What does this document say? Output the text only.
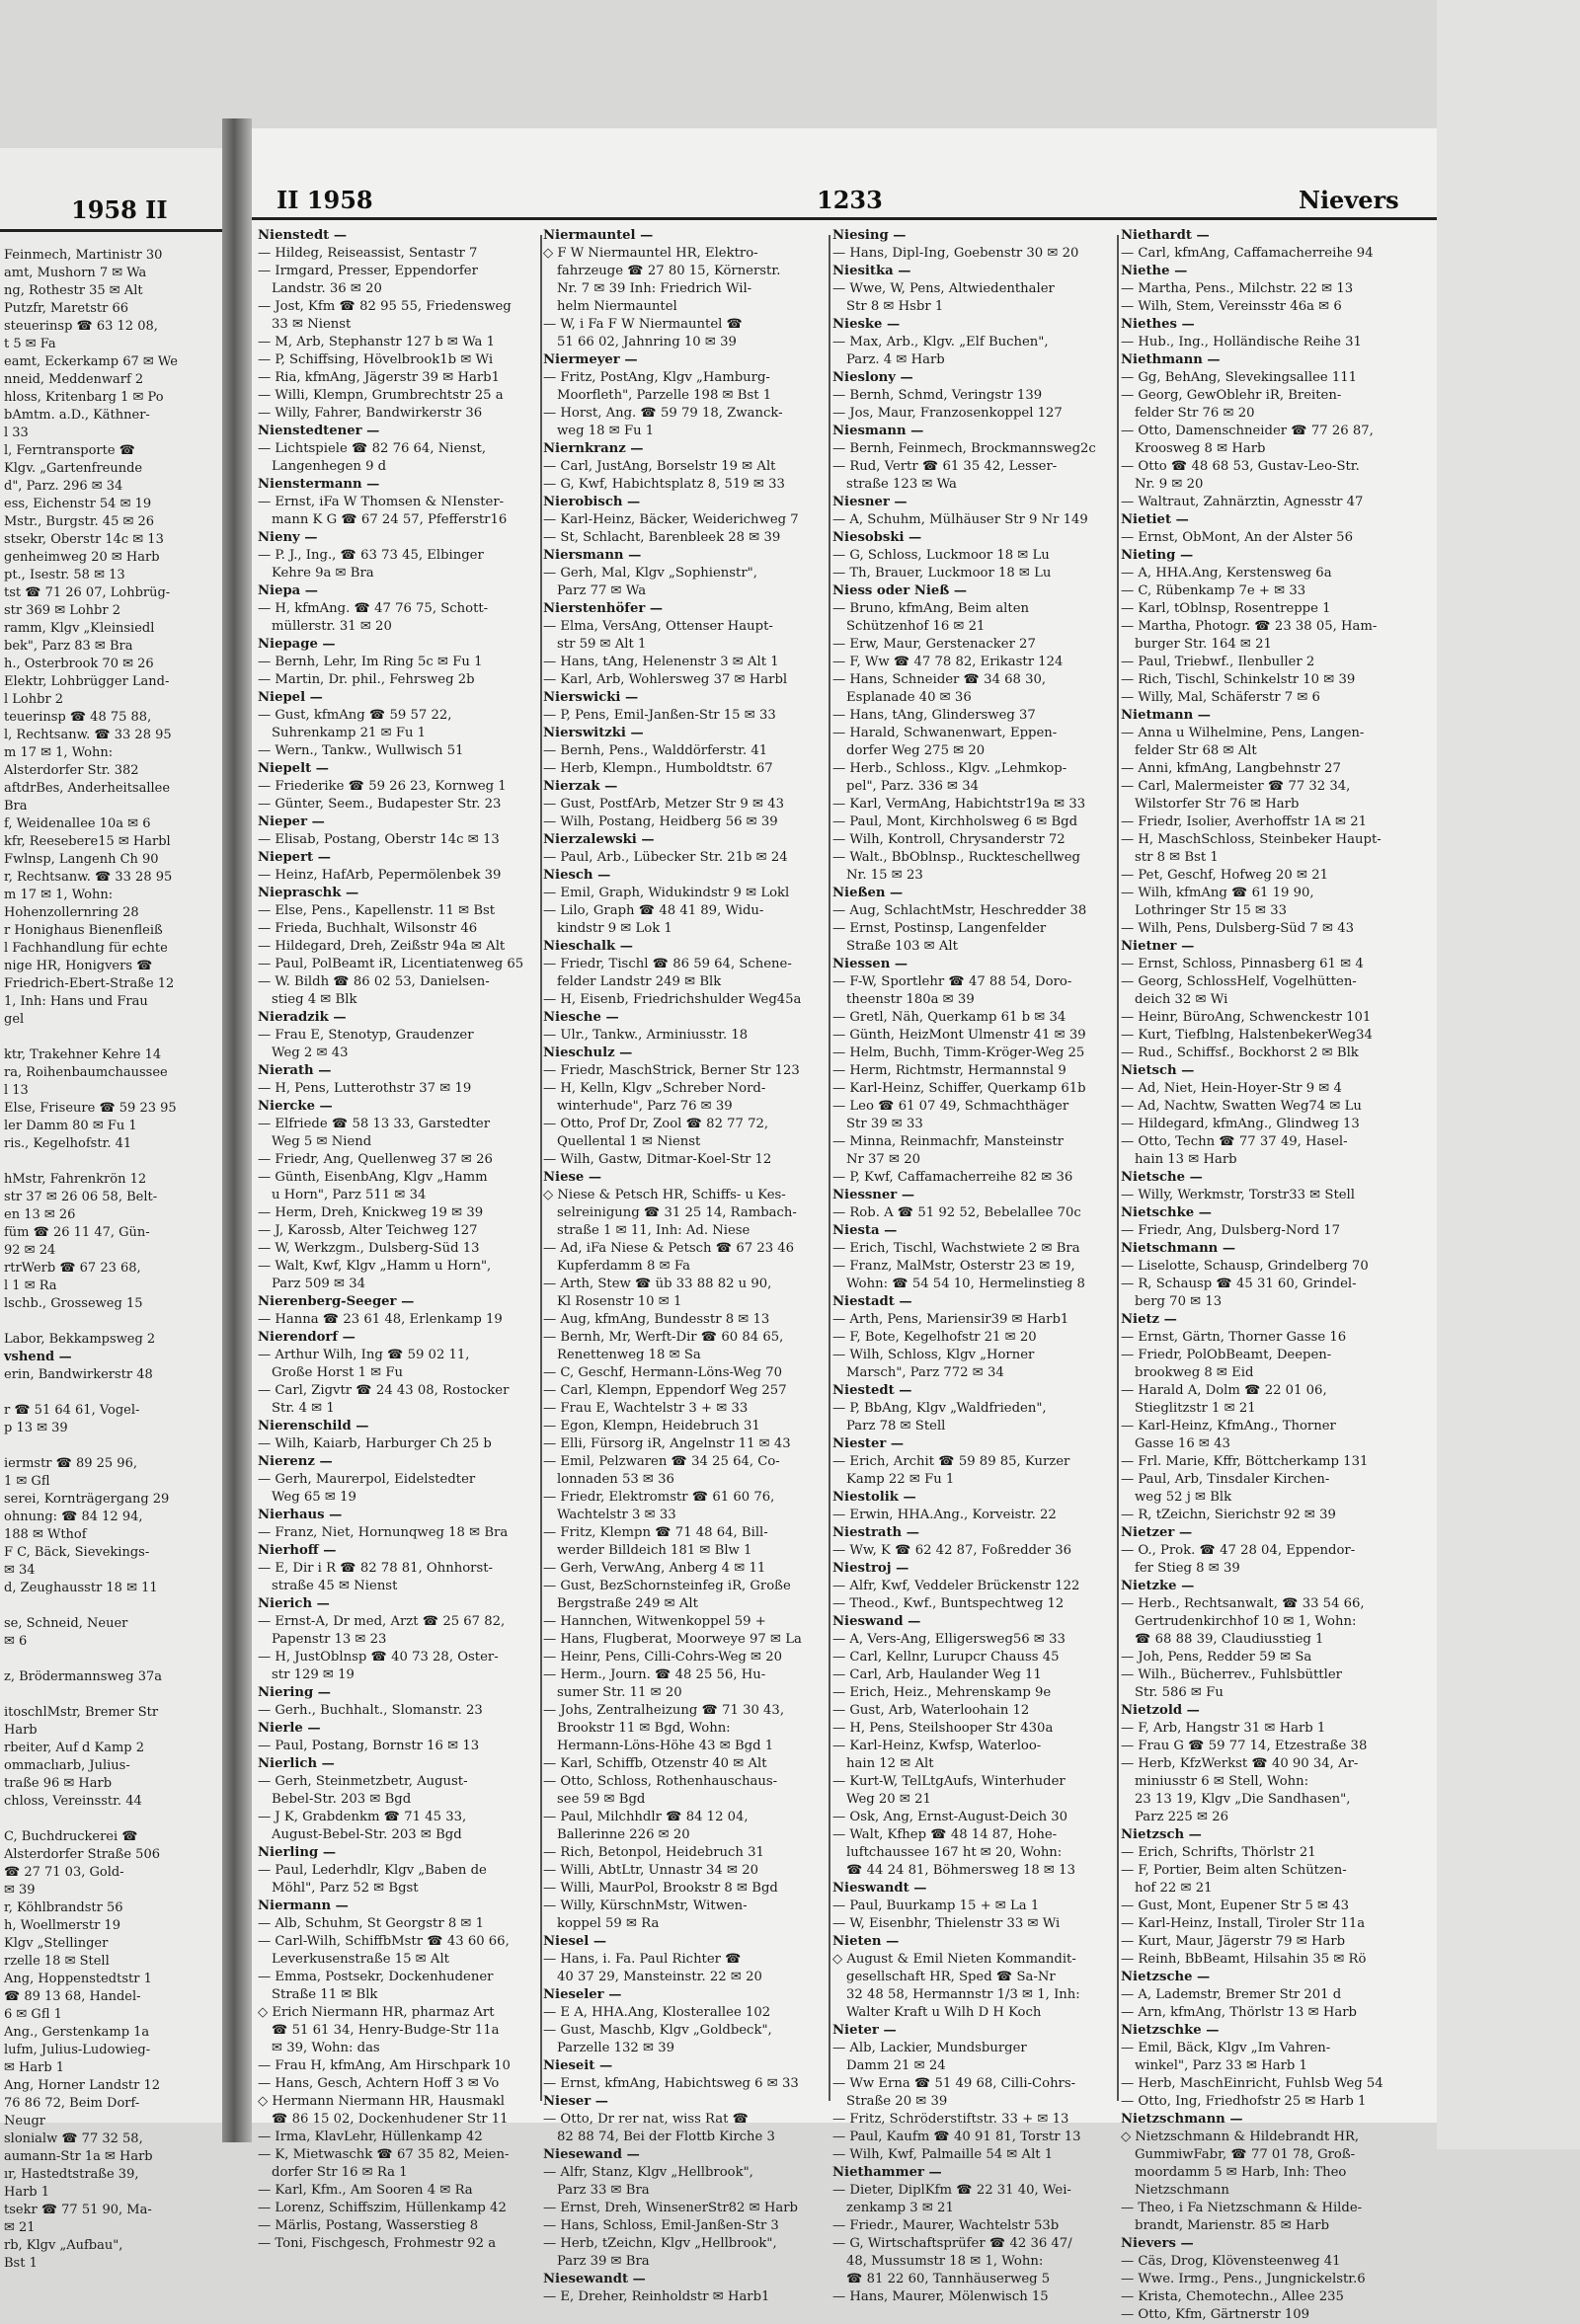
1958 II
Feinmech, Martinistr 30
amt, Mushorn 7 ✉ Wa
ng, Rothestr 35 ✉ Alt
Putzfr, Maretstr 66
steuerinsp ☎ 63 12 08,
t 5 ✉ Fa
eamt, Eckerkamp 67 ✉ We
nneid, Meddenwarf 2
hloss, Kritenbarg 1 ✉ Po
bAmtm. a.D., Käthner-
l 33
l, Ferntransporte ☎
Klgv. „Gartenfreunde
d", Parz. 296 ✉ 34
ess, Eichenstr 54 ✉ 19
Mstr., Burgstr. 45 ✉ 26
stsekr, Oberstr 14c ✉ 13
genheimweg 20 ✉ Harb
pt., Isestr. 58 ✉ 13
tst ☎ 71 26 07, Lohbrüg-
str 369 ✉ Lohbr 2
ramm, Klgv „Kleinsiedl
bek", Parz 83 ✉ Bra
h., Osterbrook 70 ✉ 26
Elektr, Lohbrügger Land-
l Lohbr 2
teuerinsp ☎ 48 75 88,
l, Rechtsanw. ☎ 33 28 95
m 17 ✉ 1, Wohn:
Alsterdorfer Str. 382
aftdrBes, Anderheitsallee
Bra
f, Weidenallee 10a ✉ 6
kfr, Reesebere15 ✉ Harbl
Fwlnsp, Langenh Ch 90
r, Rechtsanw. ☎ 33 28 95
m 17 ✉ 1, Wohn:
Hohenzollernring 28
r Honighaus Bienenfleiß
l Fachhandlung für echte
nige HR, Honigvers ☎
Friedrich-Ebert-Straße 12
1, Inh: Hans und Frau
gel

ktr, Trakehner Kehre 14
ra, Roihenbaumchaussee
l 13
Else, Friseure ☎ 59 23 95
ler Damm 80 ✉ Fu 1
ris., Kegelhofstr. 41

hMstr, Fahrenkrön 12
str 37 ✉ 26 06 58, Belt-
en 13 ✉ 26
füm ☎ 26 11 47, Gün-
92 ✉ 24
rtrWerb ☎ 67 23 68,
l 1 ✉ Ra
lschb., Grosseweg 15

Labor, Bekkampsweg 2
vshend —
erin, Bandwirkerstr 48

r ☎ 51 64 61, Vogel-
p 13 ✉ 39

iermstr ☎ 89 25 96,
1 ✉ Gfl
serei, Kornträgergang 29
ohnung: ☎ 84 12 94,
188 ✉ Wthof
F C, Bäck, Sievekings-
✉ 34
d, Zeughausstr 18 ✉ 11

se, Schneid, Neuer
✉ 6

z, Brödermannsweg 37a

itoschlMstr, Bremer Str
Harb
rbeiter, Auf d Kamp 2
ommaclıarb, Julius-
traße 96 ✉ Harb
chloss, Vereinsstr. 44

C, Buchdruckerei ☎
Alsterdorfer Straße 506
☎ 27 71 03, Gold-
✉ 39
r, Köhlbrandstr 56
h, Woellmerstr 19
Klgv „Stellinger
rzelle 18 ✉ Stell
Ang, Hoppenstedtstr 1
☎ 89 13 68, Handel-
6 ✉ Gfl 1
Ang., Gerstenkamp 1a
lufm, Julius-Ludowieg-
✉ Harb 1
Ang, Horner Landstr 12
76 86 72, Beim Dorf-
Neugr
slonialw ☎ 77 32 58,
aumann-Str 1a ✉ Harb
ır, Hastedtstraße 39,
Harb 1
tsekr ☎ 77 51 90, Ma-
✉ 21
rb, Klgv „Aufbau",
Bst 1
II 1958	1233	Nievers
Nienstedt —
— Hildeg, Reiseassist, Sentastr 7
— Irmgard, Presser, Eppendorfer
Landstr. 36 ✉ 20
— Jost, Kfm ☎ 82 95 55, Friedensweg
33 ✉ Nienst
— M, Arb, Stephanstr 127 b ✉ Wa 1
— P, Schiffsing, Hövelbrook1b ✉ Wi
— Ria, kfmAng, Jägerstr 39 ✉ Harb1
— Willi, Klempn, Grumbrechtstr 25 a
— Willy, Fahrer, Bandwirkerstr 36
Nienstedtener —
— Lichtspiele ☎ 82 76 64, Nienst,
Langenhegen 9 d
Nienstermann —
— Ernst, iFa W Thomsen & NIenster-
mann K G ☎ 67 24 57, Pfefferstr16
Nieny —
— P. J., Ing., ☎ 63 73 45, Elbinger
Kehre 9a ✉ Bra
Niepa —
— H, kfmAng. ☎ 47 76 75, Schott-
müllerstr. 31 ✉ 20
Niepage —
— Bernh, Lehr, Im Ring 5c ✉ Fu 1
— Martin, Dr. phil., Fehrsweg 2b
Niepel —
— Gust, kfmAng ☎ 59 57 22,
Suhrenkamp 21 ✉ Fu 1
— Wern., Tankw., Wullwisch 51
Niepelt —
— Friederike ☎ 59 26 23, Kornweg 1
— Günter, Seem., Budapester Str. 23
Nieper —
— Elisab, Postang, Oberstr 14c ✉ 13
Niepert —
— Heinz, HafArb, Pepermölenbek 39
Niepraschk —
— Else, Pens., Kapellenstr. 11 ✉ Bst
— Frieda, Buchhalt, Wilsonstr 46
— Hildegard, Dreh, Zeißstr 94a ✉ Alt
— Paul, PolBeamt iR, Licentiatenweg 65
— W. Bildh ☎ 86 02 53, Danielsen-
stieg 4 ✉ Blk
Nieradzik —
— Frau E, Stenotyp, Graudenzer
Weg 2 ✉ 43
Nierath —
— H, Pens, Lutterothstr 37 ✉ 19
Niercke —
— Elfriede ☎ 58 13 33, Garstedter
Weg 5 ✉ Niend
— Friedr, Ang, Quellenweg 37 ✉ 26
— Günth, EisenbAng, Klgv „Hamm
u Horn", Parz 511 ✉ 34
— Herm, Dreh, Knickweg 19 ✉ 39
— J, Karossb, Alter Teichweg 127
— W, Werkzgm., Dulsberg-Süd 13
— Walt, Kwf, Klgv „Hamm u Horn",
Parz 509 ✉ 34
Nierenberg-Seeger —
— Hanna ☎ 23 61 48, Erlenkamp 19
Nierendorf —
— Arthur Wilh, Ing ☎ 59 02 11,
Große Horst 1 ✉ Fu
— Carl, Zigvtr ☎ 24 43 08, Rostocker
Str. 4 ✉ 1
Nierenschild —
— Wilh, Kaiarb, Harburger Ch 25 b
Nierenz —
— Gerh, Maurerpol, Eidelstedter
Weg 65 ✉ 19
Nierhaus —
— Franz, Niet, Hornunqweg 18 ✉ Bra
Nierhoff —
— E, Dir i R ☎ 82 78 81, Ohnhorst-
straße 45 ✉ Nienst
Nierich —
— Ernst-A, Dr med, Arzt ☎ 25 67 82,
Papenstr 13 ✉ 23
— H, JustOblnsp ☎ 40 73 28, Oster-
str 129 ✉ 19
Niering —
— Gerh., Buchhalt., Slomanstr. 23
Nierle —
— Paul, Postang, Bornstr 16 ✉ 13
Nierlich —
— Gerh, Steinmetzbetr, August-
Bebel-Str. 203 ✉ Bgd
— J K, Grabdenkm ☎ 71 45 33,
August-Bebel-Str. 203 ✉ Bgd
Nierling —
— Paul, Lederhdlr, Klgv „Baben de
Möhl", Parz 52 ✉ Bgst
Niermann —
— Alb, Schuhm, St Georgstr 8 ✉ 1
— Carl-Wilh, SchiffbMstr ☎ 43 60 66,
Leverkusenstraße 15 ✉ Alt
— Emma, Postsekr, Dockenhudener
Straße 11 ✉ Blk
◇ Erich Niermann HR, pharmaz Art
☎ 51 61 34, Henry-Budge-Str 11a
✉ 39, Wohn: das
— Frau H, kfmAng, Am Hirschpark 10
— Hans, Gesch, Achtern Hoff 3 ✉ Vo
◇ Hermann Niermann HR, Hausmakl
☎ 86 15 02, Dockenhudener Str 11
— Irma, KlavLehr, Hüllenkamp 42
— K, Mietwaschk ☎ 67 35 82, Meien-
dorfer Str 16 ✉ Ra 1
— Karl, Kfm., Am Sooren 4 ✉ Ra
— Lorenz, Schiffszim, Hüllenkamp 42
— Märlis, Postang, Wasserstieg 8
— Toni, Fischgesch, Frohmestr 92 a
Niermauntel —
◇ F W Niermauntel HR, Elektro-
fahrzeuge ☎ 27 80 15, Körnerstr.
Nr. 7 ✉ 39 Inh: Friedrich Wil-
helm Niermauntel
— W, i Fa F W Niermauntel ☎
51 66 02, Jahnring 10 ✉ 39
Niermeyer —
— Fritz, PostAng, Klgv „Hamburg-
Moorfleth", Parzelle 198 ✉ Bst 1
— Horst, Ang. ☎ 59 79 18, Zwanck-
weg 18 ✉ Fu 1
Niernkranz —
— Carl, JustAng, Borselstr 19 ✉ Alt
— G, Kwf, Habichtsplatz 8, 519 ✉ 33
Nierobisch —
— Karl-Heinz, Bäcker, Weiderichweg 7
— St, Schlacht, Barenbleek 28 ✉ 39
Niersmann —
— Gerh, Mal, Klgv „Sophienstr",
Parz 77 ✉ Wa
Nierstenhöfer —
— Elma, VersAng, Ottenser Haupt-
str 59 ✉ Alt 1
— Hans, tAng, Helenenstr 3 ✉ Alt 1
— Karl, Arb, Wohlersweg 37 ✉ Harbl
Nierswicki —
— P, Pens, Emil-Janßen-Str 15 ✉ 33
Nierswitzki —
— Bernh, Pens., Walddörferstr. 41
— Herb, Klempn., Humboldtstr. 67
Nierzak —
— Gust, PostfArb, Metzer Str 9 ✉ 43
— Wilh, Postang, Heidberg 56 ✉ 39
Nierzalewski —
— Paul, Arb., Lübecker Str. 21b ✉ 24
Niesch —
— Emil, Graph, Widukindstr 9 ✉ Lokl
— Lilo, Graph ☎ 48 41 89, Widu-
kindstr 9 ✉ Lok 1
Nieschalk —
— Friedr, Tischl ☎ 86 59 64, Schene-
felder Landstr 249 ✉ Blk
— H, Eisenb, Friedrichshulder Weg45a
Niesche —
— Ulr., Tankw., Arminiusstr. 18
Nieschulz —
— Friedr, MaschStrick, Berner Str 123
— H, Kelln, Klgv „Schreber Nord-
winterhude", Parz 76 ✉ 39
— Otto, Prof Dr, Zool ☎ 82 77 72,
Quellental 1 ✉ Nienst
— Wilh, Gastw, Ditmar-Koel-Str 12
Niese —
◇ Niese & Petsch HR, Schiffs- u Kes-
selreinigung ☎ 31 25 14, Rambach-
straße 1 ✉ 11, Inh: Ad. Niese
— Ad, iFa Niese & Petsch ☎ 67 23 46
Kupferdamm 8 ✉ Fa
— Arth, Stew ☎ üb 33 88 82 u 90,
Kl Rosenstr 10 ✉ 1
— Aug, kfmAng, Bundesstr 8 ✉ 13
— Bernh, Mr, Werft-Dir ☎ 60 84 65,
Renettenweg 18 ✉ Sa
— C, Geschf, Hermann-Löns-Weg 70
— Carl, Klempn, Eppendorf Weg 257
— Frau E, Wachtelstr 3 + ✉ 33
— Egon, Klempn, Heidebruch 31
— Elli, Fürsorg iR, Angelnstr 11 ✉ 43
— Emil, Pelzwaren ☎ 34 25 64, Co-
lonnaden 53 ✉ 36
— Friedr, Elektromstr ☎ 61 60 76,
Wachtelstr 3 ✉ 33
— Fritz, Klempn ☎ 71 48 64, Bill-
werder Billdeich 181 ✉ Blw 1
— Gerh, VerwAng, Anberg 4 ✉ 11
— Gust, BezSchornsteinfeg iR, Große
Bergstraße 249 ✉ Alt
— Hannchen, Witwenkoppel 59 +
— Hans, Flugberat, Moorweye 97 ✉ La
— Heinr, Pens, Cilli-Cohrs-Weg ✉ 20
— Herm., Journ. ☎ 48 25 56, Hu-
sumer Str. 11 ✉ 20
— Johs, Zentralheizung ☎ 71 30 43,
Brookstr 11 ✉ Bgd, Wohn:
Hermann-Löns-Höhe 43 ✉ Bgd 1
— Karl, Schiffb, Otzenstr 40 ✉ Alt
— Otto, Schloss, Rothenhauschaus-
see 59 ✉ Bgd
— Paul, Milchhdlr ☎ 84 12 04,
Ballerinne 226 ✉ 20
— Rich, Betonpol, Heidebruch 31
— Willi, AbtLtr, Unnastr 34 ✉ 20
— Willi, MaurPol, Brookstr 8 ✉ Bgd
— Willy, KürschnMstr, Witwen-
koppel 59 ✉ Ra
Niesel —
— Hans, i. Fa. Paul Richter ☎
40 37 29, Mansteinstr. 22 ✉ 20
Nieseler —
— E A, HHA.Ang, Klosterallee 102
— Gust, Maschb, Klgv „Goldbeck",
Parzelle 132 ✉ 39
Nieseit —
— Ernst, kfmAng, Habichtsweg 6 ✉ 33
Nieser —
— Otto, Dr rer nat, wiss Rat ☎
82 88 74, Bei der Flottb Kirche 3
Niesewand —
— Alfr, Stanz, Klgv „Hellbrook",
Parz 33 ✉ Bra
— Ernst, Dreh, WinsenerStr82 ✉ Harb
— Hans, Schloss, Emil-Janßen-Str 3
— Herb, tZeichn, Klgv „Hellbrook",
Parz 39 ✉ Bra
Niesewandt —
— E, Dreher, Reinholdstr ✉ Harb1
Niesing —
— Hans, Dipl-Ing, Goebenstr 30 ✉ 20
Niesitka —
— Wwe, W, Pens, Altwiedenthaler
Str 8 ✉ Hsbr 1
Nieske —
— Max, Arb., Klgv. „Elf Buchen",
Parz. 4 ✉ Harb
Nieslony —
— Bernh, Schmd, Veringstr 139
— Jos, Maur, Franzosenkoppel 127
Niesmann —
— Bernh, Feinmech, Brockmannsweg2c
— Rud, Vertr ☎ 61 35 42, Lesser-
straße 123 ✉ Wa
Niesner —
— A, Schuhm, Mülhäuser Str 9 Nr 149
Niesobski —
— G, Schloss, Luckmoor 18 ✉ Lu
— Th, Brauer, Luckmoor 18 ✉ Lu
Niess oder Nieß —
— Bruno, kfmAng, Beim alten
Schützenhof 16 ✉ 21
— Erw, Maur, Gerstenacker 27
— F, Ww ☎ 47 78 82, Erikastr 124
— Hans, Schneider ☎ 34 68 30,
Esplanade 40 ✉ 36
— Hans, tAng, Glindersweg 37
— Harald, Schwanenwart, Eppen-
dorfer Weg 275 ✉ 20
— Herb., Schloss., Klgv. „Lehmkop-
pel", Parz. 336 ✉ 34
— Karl, VermAng, Habichtstr19a ✉ 33
— Paul, Mont, Kirchholsweg 6 ✉ Bgd
— Wilh, Kontroll, Chrysanderstr 72
— Walt., BbOblnsp., Ruckteschellweg
Nr. 15 ✉ 23
Nießen —
— Aug, SchlachtMstr, Heschredder 38
— Ernst, Postinsp, Langenfelder
Straße 103 ✉ Alt
Niessen —
— F-W, Sportlehr ☎ 47 88 54, Doro-
theenstr 180a ✉ 39
— Gretl, Näh, Querkamp 61 b ✉ 34
— Günth, HeizMont Ulmenstr 41 ✉ 39
— Helm, Buchh, Timm-Kröger-Weg 25
— Herm, Richtmstr, Hermannstal 9
— Karl-Heinz, Schiffer, Querkamp 61b
— Leo ☎ 61 07 49, Schmachthäger
Str 39 ✉ 33
— Minna, Reinmachfr, Mansteinstr
Nr 37 ✉ 20
— P, Kwf, Caffamacherreihe 82 ✉ 36
Niessner —
— Rob. A ☎ 51 92 52, Bebelallee 70c
Niesta —
— Erich, Tischl, Wachstwiete 2 ✉ Bra
— Franz, MalMstr, Osterstr 23 ✉ 19,
Wohn: ☎ 54 54 10, Hermelinstieg 8
Niestadt —
— Arth, Pens, Mariensir39 ✉ Harb1
— F, Bote, Kegelhofstr 21 ✉ 20
— Wilh, Schloss, Klgv „Horner
Marsch", Parz 772 ✉ 34
Niestedt —
— P, BbAng, Klgv „Waldfrieden",
Parz 78 ✉ Stell
Niester —
— Erich, Archit ☎ 59 89 85, Kurzer
Kamp 22 ✉ Fu 1
Niestolik —
— Erwin, HHA.Ang., Korveistr. 22
Niestrath —
— Ww, K ☎ 62 42 87, Foßredder 36
Niestroj —
— Alfr, Kwf, Veddeler Brückenstr 122
— Theod., Kwf., Buntspechtweg 12
Nieswand —
— A, Vers-Ang, Elligersweg56 ✉ 33
— Carl, Kellnr, Lurupcr Chauss 45
— Carl, Arb, Haulander Weg 11
— Erich, Heiz., Mehrenskamp 9e
— Gust, Arb, Waterloohain 12
— H, Pens, Steilshooper Str 430a
— Karl-Heinz, Kwfsp, Waterloo-
hain 12 ✉ Alt
— Kurt-W, TelLtgAufs, Winterhuder
Weg 20 ✉ 21
— Osk, Ang, Ernst-August-Deich 30
— Walt, Kfhep ☎ 48 14 87, Hohe-
luftchaussee 167 ht ✉ 20, Wohn:
☎ 44 24 81, Böhmersweg 18 ✉ 13
Nieswandt —
— Paul, Buurkamp 15 + ✉ La 1
— W, Eisenbhr, Thielenstr 33 ✉ Wi
Nieten —
◇ August & Emil Nieten Kommandit-
gesellschaft HR, Sped ☎ Sa-Nr
32 48 58, Hermannstr 1/3 ✉ 1, Inh:
Walter Kraft u Wilh D H Koch
Nieter —
— Alb, Lackier, Mundsburger
Damm 21 ✉ 24
— Ww Erna ☎ 51 49 68, Cilli-Cohrs-
Straße 20 ✉ 39
— Fritz, Schröderstiftstr. 33 + ✉ 13
— Paul, Kaufm ☎ 40 91 81, Torstr 13
— Wilh, Kwf, Palmaille 54 ✉ Alt 1
Niethammer —
— Dieter, DiplKfm ☎ 22 31 40, Wei-
zenkamp 3 ✉ 21
— Friedr., Maurer, Wachtelstr 53b
— G, Wirtschaftsprüfer ☎ 42 36 47/
48, Mussumstr 18 ✉ 1, Wohn:
☎ 81 22 60, Tannhäuserweg 5
— Hans, Maurer, Mölenwisch 15
Niethardt —
— Carl, kfmAng, Caffamacherreihe 94
Niethe —
— Martha, Pens., Milchstr. 22 ✉ 13
— Wilh, Stem, Vereinsstr 46a ✉ 6
Niethes —
— Hub., Ing., Holländische Reihe 31
Niethmann —
— Gg, BehAng, Slevekingsallee 111
— Georg, GewOblehr iR, Breiten-
felder Str 76 ✉ 20
— Otto, Damenschneider ☎ 77 26 87,
Kroosweg 8 ✉ Harb
— Otto ☎ 48 68 53, Gustav-Leo-Str.
Nr. 9 ✉ 20
— Waltraut, Zahnärztin, Agnesstr 47
Nietiet —
— Ernst, ObMont, An der Alster 56
Nieting —
— A, HHA.Ang, Kerstensweg 6a
— C, Rübenkamp 7e + ✉ 33
— Karl, tOblnsp, Rosentreppe 1
— Martha, Photogr. ☎ 23 38 05, Ham-
burger Str. 164 ✉ 21
— Paul, Triebwf., Ilenbuller 2
— Rich, Tischl, Schinkelstr 10 ✉ 39
— Willy, Mal, Schäferstr 7 ✉ 6
Nietmann —
— Anna u Wilhelmine, Pens, Langen-
felder Str 68 ✉ Alt
— Anni, kfmAng, Langbehnstr 27
— Carl, Malermeister ☎ 77 32 34,
Wilstorfer Str 76 ✉ Harb
— Friedr, Isolier, Averhoffstr 1A ✉ 21
— H, MaschSchloss, Steinbeker Haupt-
str 8 ✉ Bst 1
— Pet, Geschf, Hofweg 20 ✉ 21
— Wilh, kfmAng ☎ 61 19 90,
Lothringer Str 15 ✉ 33
— Wilh, Pens, Dulsberg-Süd 7 ✉ 43
Nietner —
— Ernst, Schloss, Pinnasberg 61 ✉ 4
— Georg, SchlossHelf, Vogelhütten-
deich 32 ✉ Wi
— Heinr, BüroAng, Schwenckestr 101
— Kurt, Tiefblng, HalstenbekerWeg34
— Rud., Schiffsf., Bockhorst 2 ✉ Blk
Nietsch —
— Ad, Niet, Hein-Hoyer-Str 9 ✉ 4
— Ad, Nachtw, Swatten Weg74 ✉ Lu
— Hildegard, kfmAng., Glindweg 13
— Otto, Techn ☎ 77 37 49, Hasel-
hain 13 ✉ Harb
Nietsche —
— Willy, Werkmstr, Torstr33 ✉ Stell
Nietschke —
— Friedr, Ang, Dulsberg-Nord 17
Nietschmann —
— Liselotte, Schausp, Grindelberg 70
— R, Schausp ☎ 45 31 60, Grindel-
berg 70 ✉ 13
Nietz —
— Ernst, Gärtn, Thorner Gasse 16
— Friedr, PolObBeamt, Deepen-
brookweg 8 ✉ Eid
— Harald A, Dolm ☎ 22 01 06,
Stieglitzstr 1 ✉ 21
— Karl-Heinz, KfmAng., Thorner
Gasse 16 ✉ 43
— Frl. Marie, Kffr, Böttcherkamp 131
— Paul, Arb, Tinsdaler Kirchen-
weg 52 j ✉ Blk
— R, tZeichn, Sierichstr 92 ✉ 39
Nietzer —
— O., Prok. ☎ 47 28 04, Eppendor-
fer Stieg 8 ✉ 39
Nietzke —
— Herb., Rechtsanwalt, ☎ 33 54 66,
Gertrudenkirchhof 10 ✉ 1, Wohn:
☎ 68 88 39, Claudiusstieg 1
— Joh, Pens, Redder 59 ✉ Sa
— Wilh., Bücherrev., Fuhlsbüttler
Str. 586 ✉ Fu
Nietzold —
— F, Arb, Hangstr 31 ✉ Harb 1
— Frau G ☎ 59 77 14, Etzestraße 38
— Herb, KfzWerkst ☎ 40 90 34, Ar-
miniusstr 6 ✉ Stell, Wohn:
23 13 19, Klgv „Die Sandhasen",
Parz 225 ✉ 26
Nietzsch —
— Erich, Schrifts, Thörlstr 21
— F, Portier, Beim alten Schützen-
hof 22 ✉ 21
— Gust, Mont, Eupener Str 5 ✉ 43
— Karl-Heinz, Install, Tiroler Str 11a
— Kurt, Maur, Jägerstr 79 ✉ Harb
— Reinh, BbBeamt, Hilsahin 35 ✉ Rö
Nietzsche —
— A, Lademstr, Bremer Str 201 d
— Arn, kfmAng, Thörlstr 13 ✉ Harb
Nietzschke —
— Emil, Bäck, Klgv „Im Vahren-
winkel", Parz 33 ✉ Harb 1
— Herb, MaschEinricht, Fuhlsb Weg 54
— Otto, Ing, Friedhofstr 25 ✉ Harb 1
Nietzschmann —
◇ Nietzschmann & Hildebrandt HR,
GummiwFabr, ☎ 77 01 78, Groß-
moordamm 5 ✉ Harb, Inh: Theo
Nietzschmann
— Theo, i Fa Nietzschmann & Hilde-
brandt, Marienstr. 85 ✉ Harb
Nievers —
— Cäs, Drog, Klövensteenweg 41
— Wwe. Irmg., Pens., Jungnickelstr.6
— Krista, Chemotechn., Allee 235
— Otto, Kfm, Gärtnerstr 109
